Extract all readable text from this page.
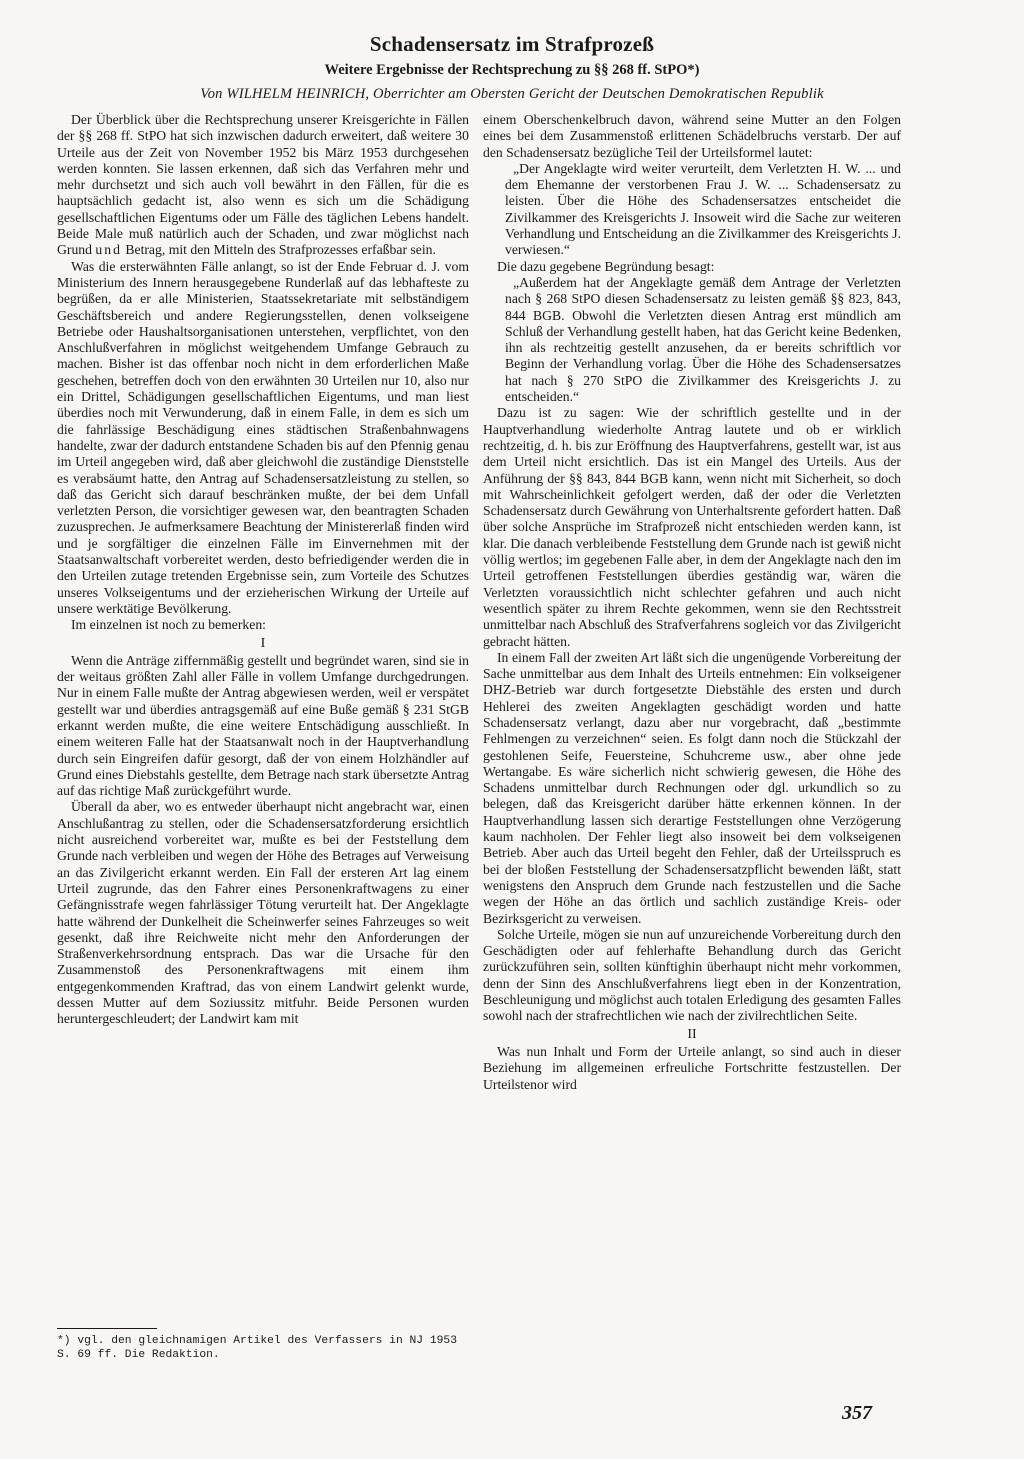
Schadensersatz im Strafprozeß
Weitere Ergebnisse der Rechtsprechung zu §§ 268 ff. StPO*)
Von WILHELM HEINRICH, Oberrichter am Obersten Gericht der Deutschen Demokratischen Republik

Der Überblick über die Rechtsprechung unserer Kreisgerichte in Fällen der §§ 268 ff. StPO hat sich inzwischen dadurch erweitert, daß weitere 30 Urteile aus der Zeit von November 1952 bis März 1953 durchgesehen werden konnten. Sie lassen erkennen, daß sich das Verfahren mehr und mehr durchsetzt und sich auch voll bewährt in den Fällen, für die es hauptsächlich gedacht ist, also wenn es sich um die Schädigung gesellschaftlichen Eigentums oder um Fälle des täglichen Lebens handelt. Beide Male muß natürlich auch der Schaden, und zwar möglichst nach Grund und Betrag, mit den Mitteln des Strafprozesses erfaßbar sein.

Was die ersterwähnten Fälle anlangt, so ist der Ende Februar d. J. vom Ministerium des Innern herausgegebene Runderlaß auf das lebhafteste zu begrüßen, da er alle Ministerien, Staatssekretariate mit selbständigem Geschäftsbereich und andere Regierungsstellen, denen volkseigene Betriebe oder Haushaltsorganisationen unterstehen, verpflichtet, von den Anschlußverfahren in möglichst weitgehendem Umfange Gebrauch zu machen. Bisher ist das offenbar noch nicht in dem erforderlichen Maße geschehen, betreffen doch von den erwähnten 30 Urteilen nur 10, also nur ein Drittel, Schädigungen gesellschaftlichen Eigentums, und man liest überdies noch mit Verwunderung, daß in einem Falle, in dem es sich um die fahrlässige Beschädigung eines städtischen Straßenbahnwagens handelte, zwar der dadurch entstandene Schaden bis auf den Pfennig genau im Urteil angegeben wird, daß aber gleichwohl die zuständige Dienststelle es verabsäumt hatte, den Antrag auf Schadensersatzleistung zu stellen, so daß das Gericht sich darauf beschränken mußte, der bei dem Unfall verletzten Person, die vorsichtiger gewesen war, den beantragten Schaden zuzusprechen. Je aufmerksamere Beachtung der Ministererlaß finden wird und je sorgfältiger die einzelnen Fälle im Einvernehmen mit der Staatsanwaltschaft vorbereitet werden, desto befriedigender werden die in den Urteilen zutage tretenden Ergebnisse sein, zum Vorteile des Schutzes unseres Volkseigentums und der erzieherischen Wirkung der Urteile auf unsere werktätige Bevölkerung.

Im einzelnen ist noch zu bemerken:

I

Wenn die Anträge ziffernmäßig gestellt und begründet waren, sind sie in der weitaus größten Zahl aller Fälle in vollem Umfange durchgedrungen. Nur in einem Falle mußte der Antrag abgewiesen werden, weil er verspätet gestellt war und überdies antragsgemäß auf eine Buße gemäß § 231 StGB erkannt werden mußte, die eine weitere Entschädigung ausschließt. In einem weiteren Falle hat der Staatsanwalt noch in der Hauptverhandlung durch sein Eingreifen dafür gesorgt, daß der von einem Holzhändler auf Grund eines Diebstahls gestellte, dem Betrage nach stark übersetzte Antrag auf das richtige Maß zurückgeführt wurde.

Überall da aber, wo es entweder überhaupt nicht angebracht war, einen Anschlußantrag zu stellen, oder die Schadensersatzforderung ersichtlich nicht ausreichend vorbereitet war, mußte es bei der Feststellung dem Grunde nach verbleiben und wegen der Höhe des Betrages auf Verweisung an das Zivilgericht erkannt werden. Ein Fall der ersteren Art lag einem Urteil zugrunde, das den Fahrer eines Personenkraftwagens zu einer Gefängnisstrafe wegen fahrlässiger Tötung verurteilt hat. Der Angeklagte hatte während der Dunkelheit die Scheinwerfer seines Fahrzeuges so weit gesenkt, daß ihre Reichweite nicht mehr den Anforderungen der Straßenverkehrsordnung entsprach. Das war die Ursache für den Zusammenstoß des Personenkraftwagens mit einem ihm entgegenkommenden Kraftrad, das von einem Landwirt gelenkt wurde, dessen Mutter auf dem Soziussitz mitfuhr. Beide Personen wurden heruntergeschleudert; der Landwirt kam mit

einem Oberschenkelbruch davon, während seine Mutter an den Folgen eines bei dem Zusammenstoß erlittenen Schädelbruchs verstarb. Der auf den Schadensersatz bezügliche Teil der Urteilsformel lautet:

„Der Angeklagte wird weiter verurteilt, dem Verletzten H. W. ... und dem Ehemanne der verstorbenen Frau J. W. ... Schadensersatz zu leisten. Über die Höhe des Schadensersatzes entscheidet die Zivilkammer des Kreisgerichts J. Insoweit wird die Sache zur weiteren Verhandlung und Entscheidung an die Zivilkammer des Kreisgerichts J. verwiesen.“

Die dazu gegebene Begründung besagt:

„Außerdem hat der Angeklagte gemäß dem Antrage der Verletzten nach § 268 StPO diesen Schadensersatz zu leisten gemäß §§ 823, 843, 844 BGB. Obwohl die Verletzten diesen Antrag erst mündlich am Schluß der Verhandlung gestellt haben, hat das Gericht keine Bedenken, ihn als rechtzeitig gestellt anzusehen, da er bereits schriftlich vor Beginn der Verhandlung vorlag. Über die Höhe des Schadensersatzes hat nach § 270 StPO die Zivilkammer des Kreisgerichts J. zu entscheiden.“

Dazu ist zu sagen: Wie der schriftlich gestellte und in der Hauptverhandlung wiederholte Antrag lautete und ob er wirklich rechtzeitig, d. h. bis zur Eröffnung des Hauptverfahrens, gestellt war, ist aus dem Urteil nicht ersichtlich. Das ist ein Mangel des Urteils. Aus der Anführung der §§ 843, 844 BGB kann, wenn nicht mit Sicherheit, so doch mit Wahrscheinlichkeit gefolgert werden, daß der oder die Verletzten Schadensersatz durch Gewährung von Unterhaltsrente gefordert hatten. Daß über solche Ansprüche im Strafprozeß nicht entschieden werden kann, ist klar. Die danach verbleibende Feststellung dem Grunde nach ist gewiß nicht völlig wertlos; im gegebenen Falle aber, in dem der Angeklagte nach den im Urteil getroffenen Feststellungen überdies geständig war, wären die Verletzten voraussichtlich nicht schlechter gefahren und auch nicht wesentlich später zu ihrem Rechte gekommen, wenn sie den Rechtsstreit unmittelbar nach Abschluß des Strafverfahrens sogleich vor das Zivilgericht gebracht hätten.

In einem Fall der zweiten Art läßt sich die ungenügende Vorbereitung der Sache unmittelbar aus dem Inhalt des Urteils entnehmen: Ein volkseigener DHZ-Betrieb war durch fortgesetzte Diebstähle des ersten und durch Hehlerei des zweiten Angeklagten geschädigt worden und hatte Schadensersatz verlangt, dazu aber nur vorgebracht, daß „bestimmte Fehlmengen zu verzeichnen“ seien. Es folgt dann noch die Stückzahl der gestohlenen Seife, Feuersteine, Schuhcreme usw., aber ohne jede Wertangabe. Es wäre sicherlich nicht schwierig gewesen, die Höhe des Schadens unmittelbar durch Rechnungen oder dgl. urkundlich so zu belegen, daß das Kreisgericht darüber hätte erkennen können. In der Hauptverhandlung lassen sich derartige Feststellungen ohne Verzögerung kaum nachholen. Der Fehler liegt also insoweit bei dem volkseigenen Betrieb. Aber auch das Urteil begeht den Fehler, daß der Urteilsspruch es bei der bloßen Feststellung der Schadensersatzpflicht bewenden läßt, statt wenigstens den Anspruch dem Grunde nach festzustellen und die Sache wegen der Höhe an das örtlich und sachlich zuständige Kreis- oder Bezirksgericht zu verweisen.

Solche Urteile, mögen sie nun auf unzureichende Vorbereitung durch den Geschädigten oder auf fehlerhafte Behandlung durch das Gericht zurückzuführen sein, sollten künftighin überhaupt nicht mehr vorkommen, denn der Sinn des Anschlußverfahrens liegt eben in der Konzentration, Beschleunigung und möglichst auch totalen Erledigung des gesamten Falles sowohl nach der strafrechtlichen wie nach der zivilrechtlichen Seite.

II

Was nun Inhalt und Form der Urteile anlangt, so sind auch in dieser Beziehung im allgemeinen erfreuliche Fortschritte festzustellen. Der Urteilstenor wird

*) vgl. den gleichnamigen Artikel des Verfassers in NJ 1953 S. 69 ff. Die Redaktion.
357
